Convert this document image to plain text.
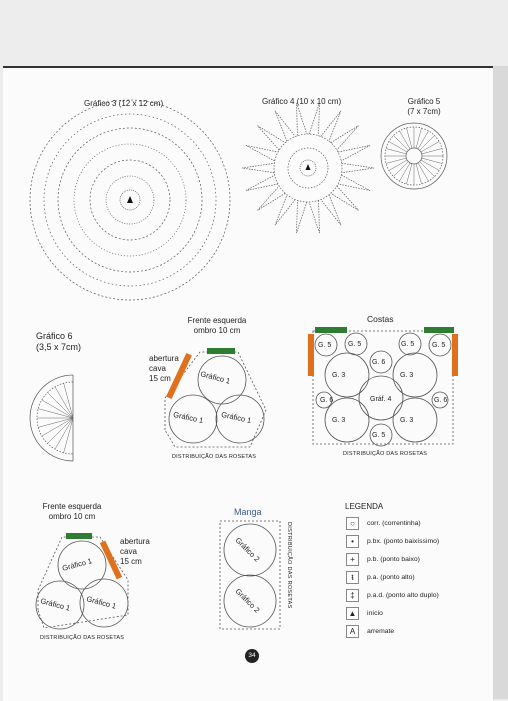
Gráfico 3 (12 x 12 cm)	Gráfico 4 (10 x 10 cm)	Gráfico 5
(7 x 7cm)
Gráfico 6
(3,5 x 7cm)
Frente esquerda
ombro 10 cm
abertura
cava
15 cm	Gráfico 1
Gráfico 1 Gráfico 1
DISTRIBUIÇÃO DAS ROSETAS
Costas
G. 5 G. 5	G. 5	G. 5
G. 6
G. 3	G. 3
Gráf. 4
G. 6	G. 6
G. 3	G. 3
G. 5
DISTRIBUIÇÃO DAS ROSETAS
Frente esquerda
ombro 10 cm
abertura
cava
15 cm
Gráfico 1
Gráfico 1 Gráfico 1
DISTRIBUIÇÃO DAS ROSETAS
Manga
Gráfico 2
Gráfico 2	DISTRIBUIÇÃO DAS ROSETAS
LEGENDA
○	corr. (correntinha)
•	p.bx. (ponto baixíssimo)
+	p.b. (ponto baixo)
ŧ	p.a. (ponto alto)
‡	p.a.d. (ponto alto duplo)
▲	início
A	arremate
34
